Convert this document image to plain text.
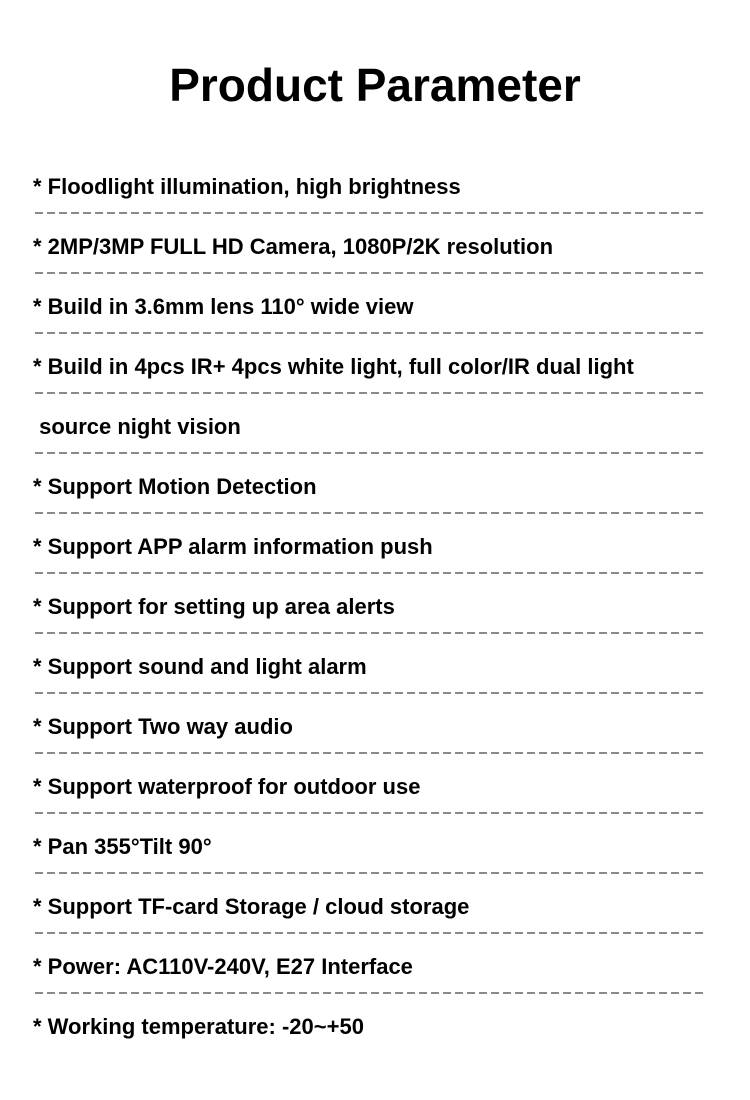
Product Parameter
* Floodlight illumination, high brightness
* 2MP/3MP FULL HD Camera, 1080P/2K resolution
* Build in 3.6mm lens 110° wide view
* Build in 4pcs IR+ 4pcs white light, full color/IR dual light
source night vision
* Support Motion Detection
* Support APP alarm information push
* Support for setting up area alerts
* Support sound and light alarm
* Support Two way audio
* Support waterproof for outdoor use
* Pan 355°Tilt 90°
* Support TF-card Storage / cloud storage
* Power: AC110V-240V, E27 Interface
* Working temperature: -20~+50
